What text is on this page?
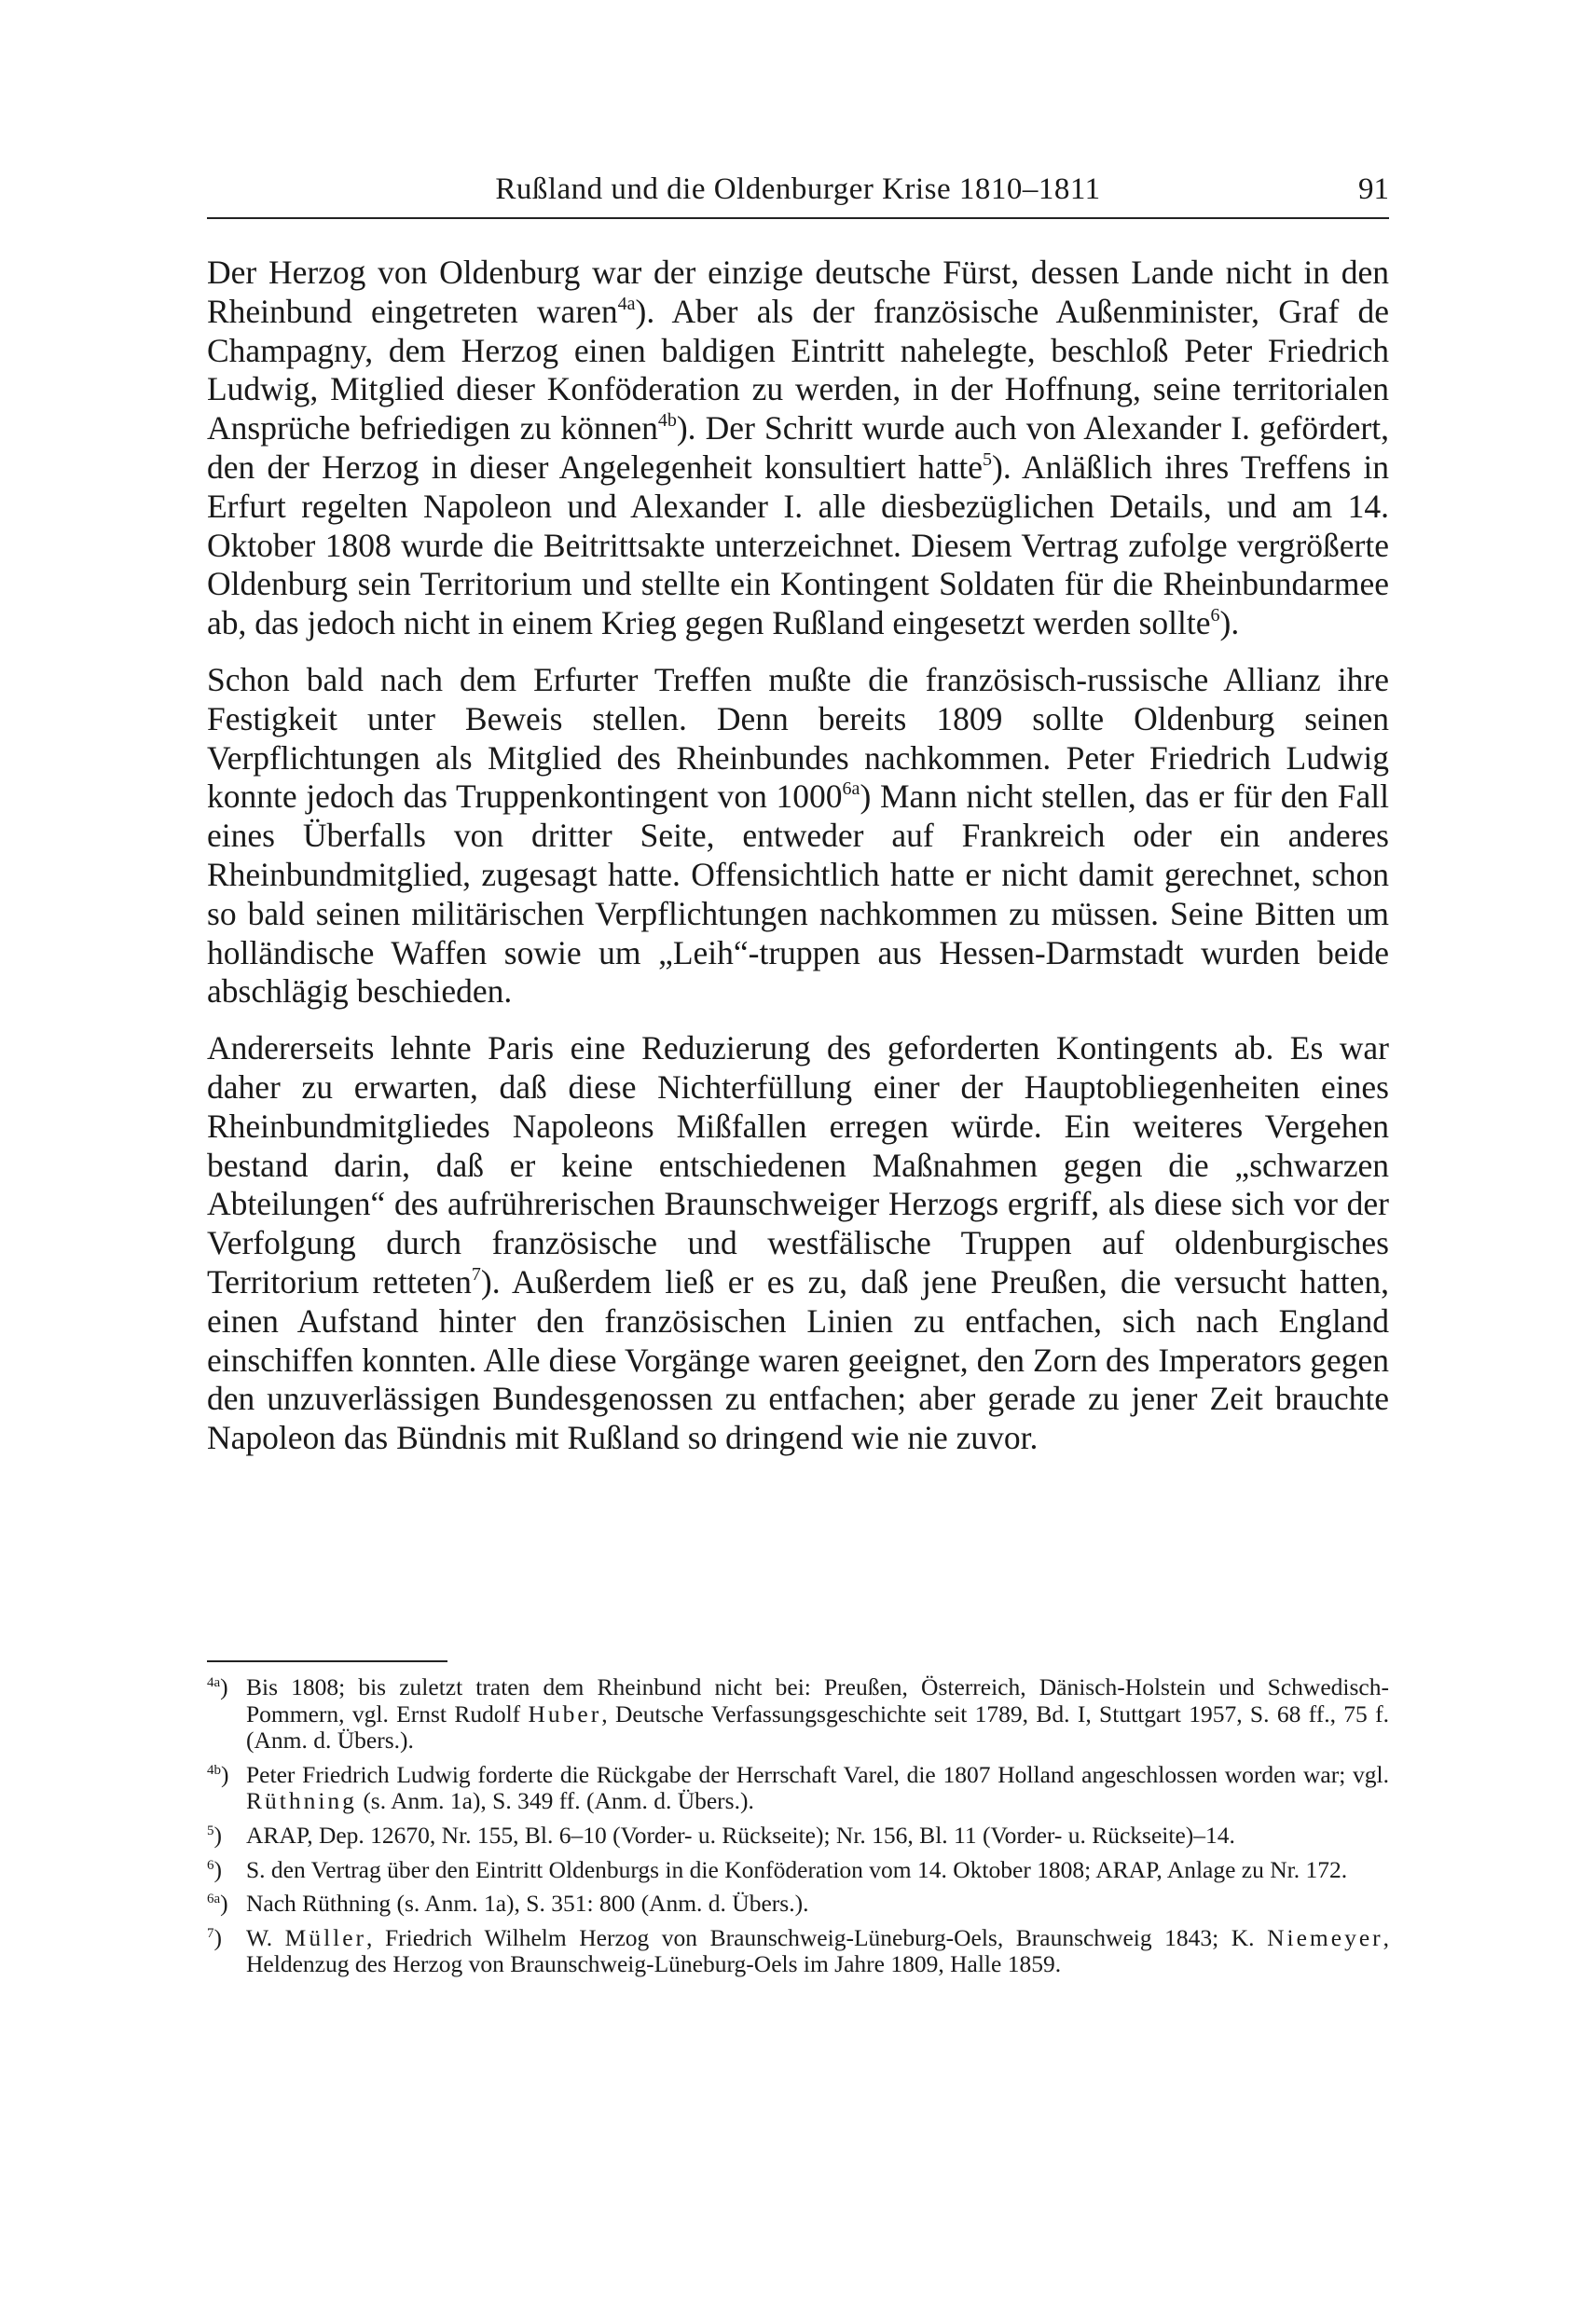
Rußland und die Oldenburger Krise 1810–1811	91

Der Herzog von Oldenburg war der einzige deutsche Fürst, dessen Lande nicht in den Rheinbund eingetreten waren$^{4a}$). Aber als der französische Außenminister, Graf de Champagny, dem Herzog einen baldigen Eintritt nahelegte, beschloß Peter Friedrich Ludwig, Mitglied dieser Konföderation zu werden, in der Hoffnung, seine territorialen Ansprüche befriedigen zu können$^{4b}$). Der Schritt wurde auch von Alexander I. gefördert, den der Herzog in dieser Angelegenheit konsultiert hatte$^5$). Anläßlich ihres Treffens in Erfurt regelten Napoleon und Alexander I. alle diesbezüglichen Details, und am 14. Oktober 1808 wurde die Beitrittsakte unterzeichnet. Diesem Vertrag zufolge vergrößerte Oldenburg sein Territorium und stellte ein Kontingent Soldaten für die Rheinbundarmee ab, das jedoch nicht in einem Krieg gegen Rußland eingesetzt werden sollte$^6$).

Schon bald nach dem Erfurter Treffen mußte die französisch-russische Allianz ihre Festigkeit unter Beweis stellen. Denn bereits 1809 sollte Oldenburg seinen Verpflichtungen als Mitglied des Rheinbundes nachkommen. Peter Friedrich Ludwig konnte jedoch das Truppenkontingent von 1000$^{6a}$) Mann nicht stellen, das er für den Fall eines Überfalls von dritter Seite, entweder auf Frankreich oder ein anderes Rheinbundmitglied, zugesagt hatte. Offensichtlich hatte er nicht damit gerechnet, schon so bald seinen militärischen Verpflichtungen nachkommen zu müssen. Seine Bitten um holländische Waffen sowie um „Leih“-truppen aus Hessen-Darmstadt wurden beide abschlägig beschieden.

Andererseits lehnte Paris eine Reduzierung des geforderten Kontingents ab. Es war daher zu erwarten, daß diese Nichterfüllung einer der Hauptobliegenheiten eines Rheinbundmitgliedes Napoleons Mißfallen erregen würde. Ein weiteres Vergehen bestand darin, daß er keine entschiedenen Maßnahmen gegen die „schwarzen Abteilungen“ des aufrührerischen Braunschweiger Herzogs ergriff, als diese sich vor der Verfolgung durch französische und westfälische Truppen auf oldenburgisches Territorium retteten$^7$). Außerdem ließ er es zu, daß jene Preußen, die versucht hatten, einen Aufstand hinter den französischen Linien zu entfachen, sich nach England einschiffen konnten. Alle diese Vorgänge waren geeignet, den Zorn des Imperators gegen den unzuverlässigen Bundesgenossen zu entfachen; aber gerade zu jener Zeit brauchte Napoleon das Bündnis mit Rußland so dringend wie nie zuvor.

$^{4a}$) Bis 1808; bis zuletzt traten dem Rheinbund nicht bei: Preußen, Österreich, Dänisch-Holstein und Schwedisch-Pommern, vgl. Ernst Rudolf Huber, Deutsche Verfassungsgeschichte seit 1789, Bd. I, Stuttgart 1957, S. 68 ff., 75 f. (Anm. d. Übers.).
$^{4b}$) Peter Friedrich Ludwig forderte die Rückgabe der Herrschaft Varel, die 1807 Holland angeschlossen worden war; vgl. Rüthning (s. Anm. 1a), S. 349 ff. (Anm. d. Übers.).
$^5$) ARAP, Dep. 12670, Nr. 155, Bl. 6–10 (Vorder- u. Rückseite); Nr. 156, Bl. 11 (Vorder- u. Rückseite)–14.
$^6$) S. den Vertrag über den Eintritt Oldenburgs in die Konföderation vom 14. Oktober 1808; ARAP, Anlage zu Nr. 172.
$^{6a}$) Nach Rüthning (s. Anm. 1a), S. 351: 800 (Anm. d. Übers.).
$^7$) W. Müller, Friedrich Wilhelm Herzog von Braunschweig-Lüneburg-Oels, Braunschweig 1843; K. Niemeyer, Heldenzug des Herzog von Braunschweig-Lüneburg-Oels im Jahre 1809, Halle 1859.
